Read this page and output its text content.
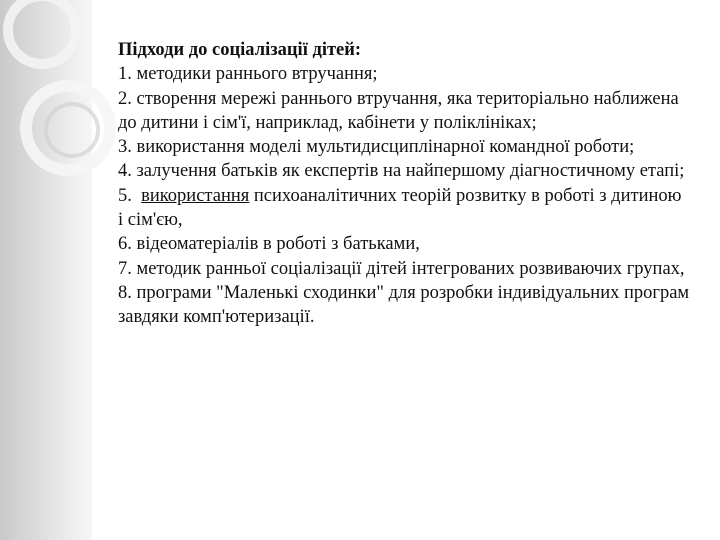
Підходи до соціалізації дітей:

1. методики раннього втручання;

2. створення мережі раннього втручання, яка територіально наближена до дитини і сім'ї, наприклад, кабінети у поліклініках;

3. використання моделі мультидисциплінарної командної роботи;

4. залучення батьків як експертів на найпершому діагностичному етапі;

5. використання психоаналітичних теорій розвитку в роботі з дитиною і сім'єю,

6. відеоматеріалів в роботі з батьками,

7. методик ранньої соціалізації дітей інтегрованих розвиваючих групах,

8. програми "Маленькі сходинки" для розробки індивідуальних програм завдяки комп'ютеризації.
